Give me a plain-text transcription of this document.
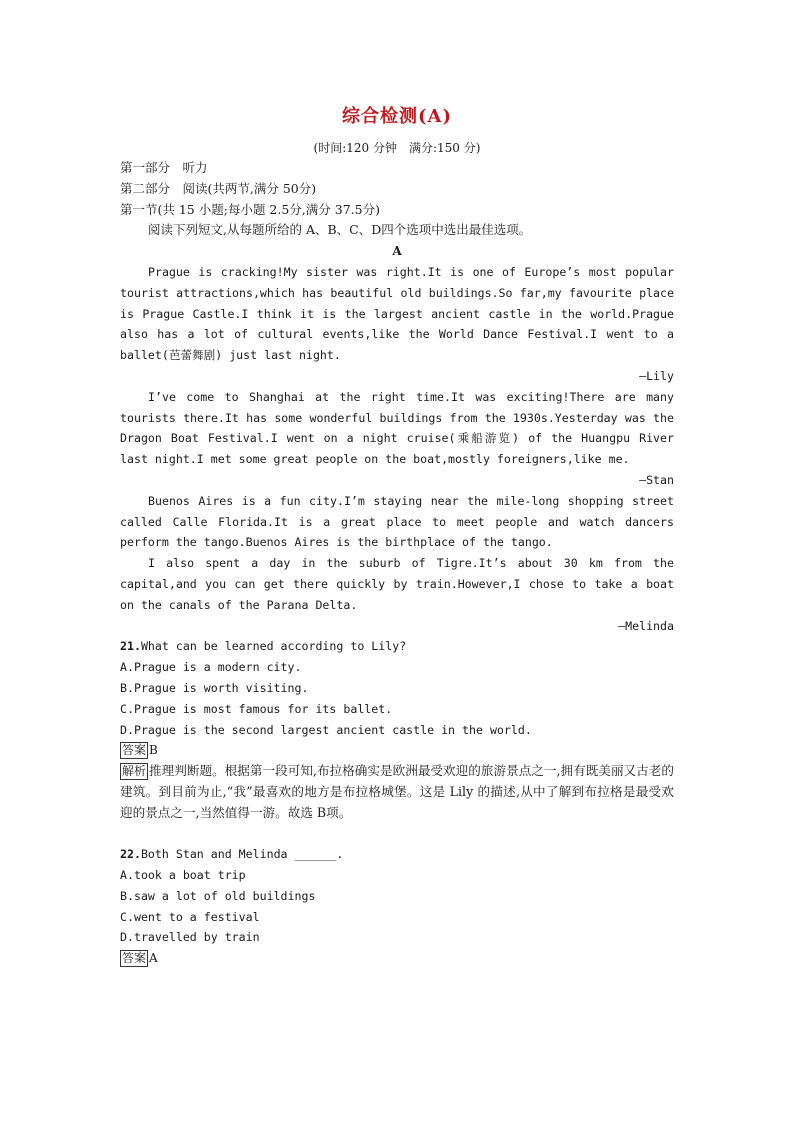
综合检测(A)
(时间:120 分钟　满分:150 分)
第一部分　听力
第二部分　阅读(共两节,满分 50分)
第一节(共 15 小题;每小题 2.5分,满分 37.5分)
阅读下列短文,从每题所给的 A、B、C、D四个选项中选出最佳选项。
A
Prague is cracking!My sister was right.It is one of Europe’s most popular tourist attractions,which has beautiful old buildings.So far,my favourite place is Prague Castle.I think it is the largest ancient castle in the world.Prague also has a lot of cultural events,like the World Dance Festival.I went to a ballet(芭蕾舞剧) just last night.
—Lily
I’ve come to Shanghai at the right time.It was exciting!There are many tourists there.It has some wonderful buildings from the 1930s.Yesterday was the Dragon Boat Festival.I went on a night cruise(乘船游览) of the Huangpu River last night.I met some great people on the boat,mostly foreigners,like me.
—Stan
Buenos Aires is a fun city.I’m staying near the mile-long shopping street called Calle Florida.It is a great place to meet people and watch dancers perform the tango.Buenos Aires is the birthplace of the tango.
I also spent a day in the suburb of Tigre.It’s about 30 km from the capital,and you can get there quickly by train.However,I chose to take a boat on the canals of the Parana Delta.
—Melinda
21.What can be learned according to Lily?
A.Prague is a modern city.
B.Prague is worth visiting.
C.Prague is most famous for its ballet.
D.Prague is the second largest ancient castle in the world.
答案 B
解析 推理判断题。根据第一段可知,布拉格确实是欧洲最受欢迎的旅游景点之一,拥有既美丽又古老的建筑。到目前为止,“我”最喜欢的地方是布拉格城堡。这是 Lily 的描述,从中了解到布拉格是最受欢迎的景点之一,当然值得一游。故选 B项。
22.Both Stan and Melinda ______.
A.took a boat trip
B.saw a lot of old buildings
C.went to a festival
D.travelled by train
答案 A
